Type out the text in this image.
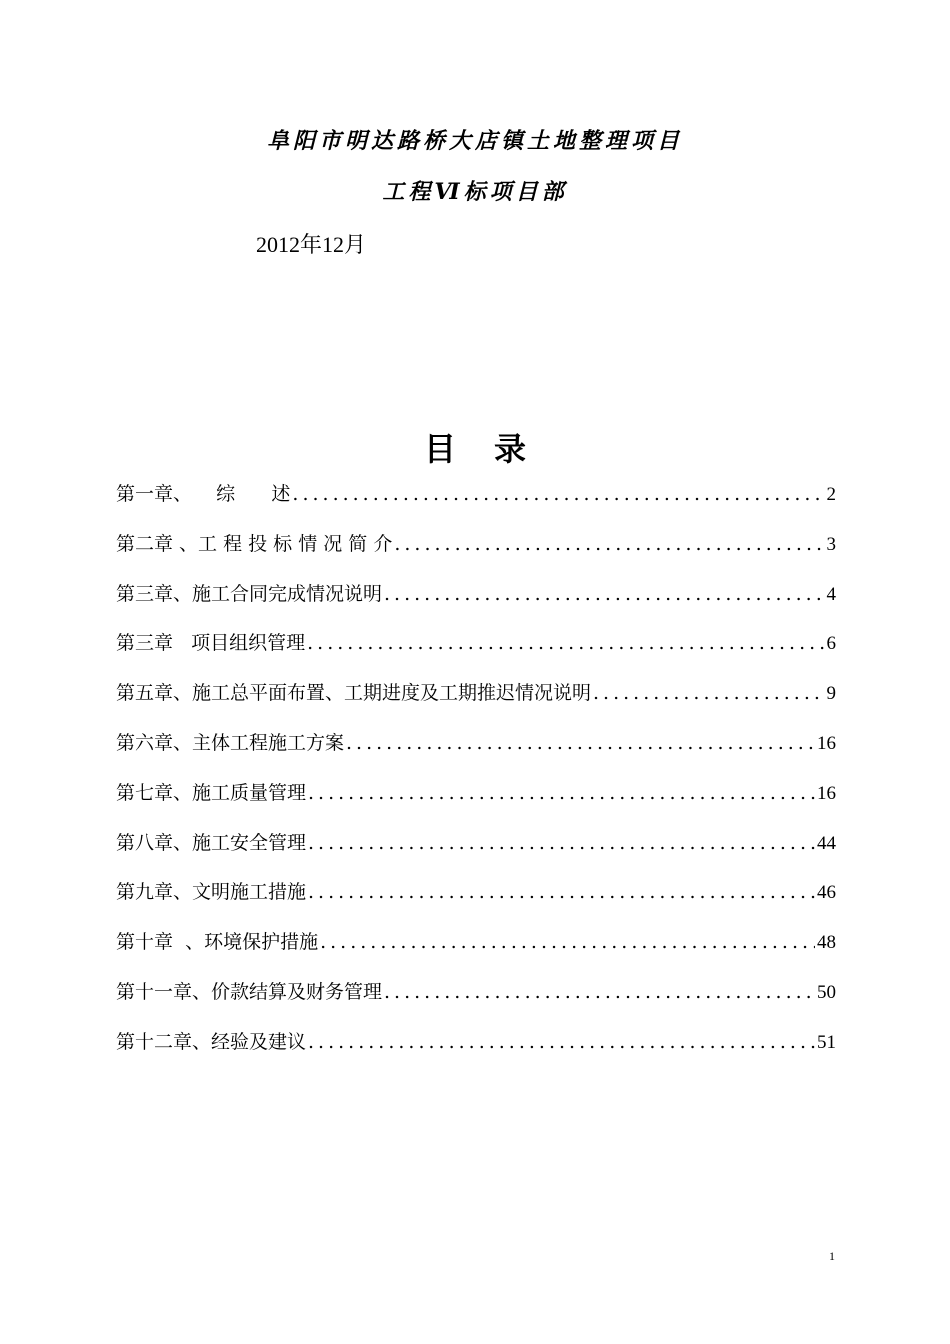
阜阳市明达路桥大店镇土地整理项目
工程Ⅵ标项目部
2012年12月
目录
第一章、    综      述 .....	2
第二章 、工 程 投 标 情 况 简 介 .....	3
第三章、施工合同完成情况说明 .....	4
第三章   项目组织管理 .....	6
第五章、施工总平面布置、工期进度及工期推迟情况说明 .....	9
第六章、主体工程施工方案 .....	16
第七章、施工质量管理 .....	16
第八章、施工安全管理 .....	44
第九章、文明施工措施 .....	46
第十章  、环境保护措施 .....	48
第十一章、价款结算及财务管理 .....	50
第十二章、经验及建议 .....	51
1
